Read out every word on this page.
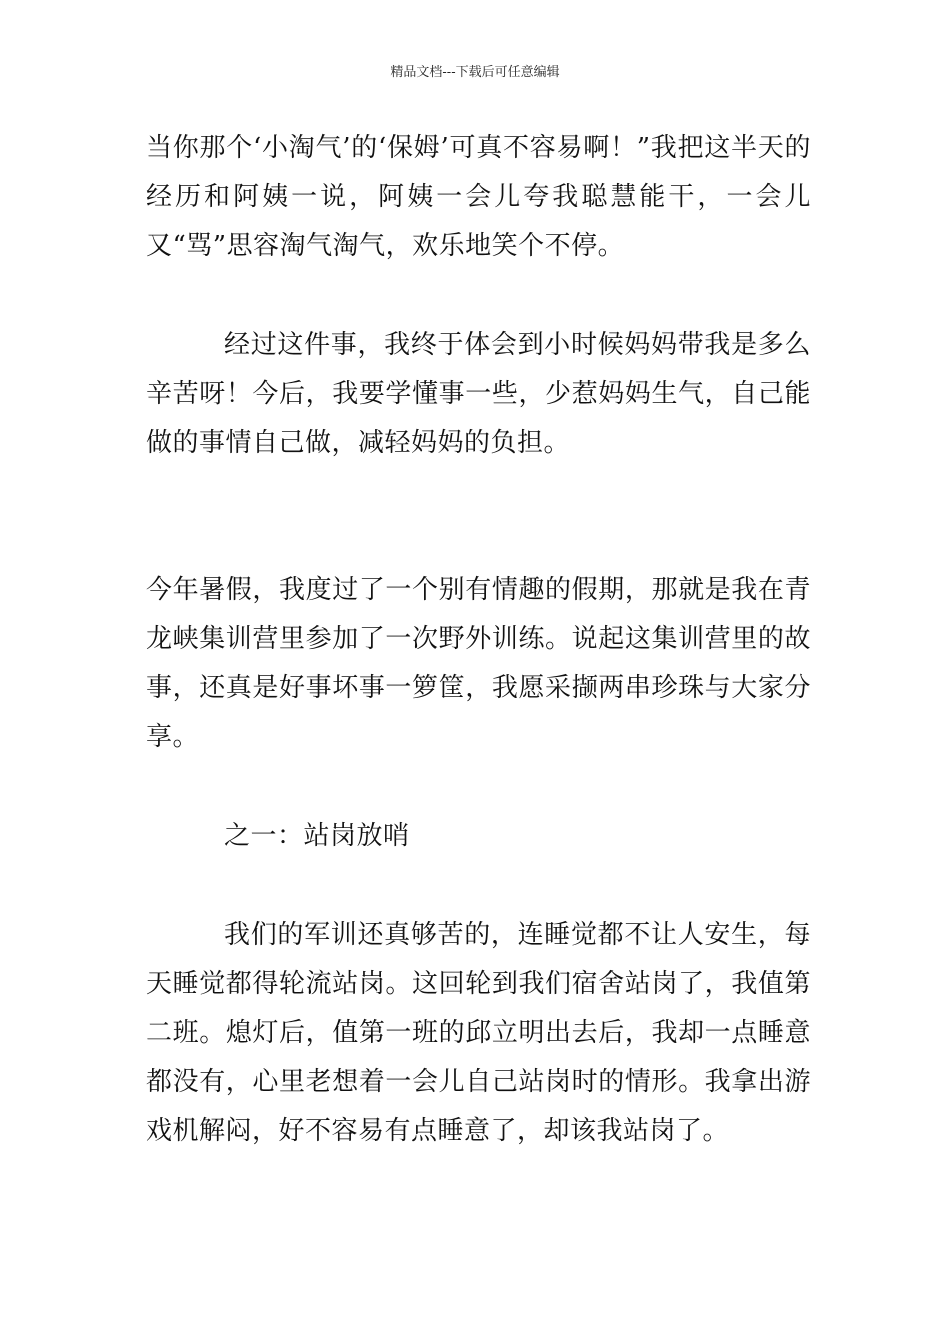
精品文档---下载后可任意编辑

当你那个‘小淘气’的‘保姆’可真不容易啊！”我把这半天的经历和阿姨一说，阿姨一会儿夸我聪慧能干，一会儿又“骂”思容淘气淘气，欢乐地笑个不停。

经过这件事，我终于体会到小时候妈妈带我是多么辛苦呀！今后，我要学懂事一些，少惹妈妈生气，自己能做的事情自己做，减轻妈妈的负担。

今年暑假，我度过了一个别有情趣的假期，那就是我在青龙峡集训营里参加了一次野外训练。说起这集训营里的故事，还真是好事坏事一箩筐，我愿采撷两串珍珠与大家分享。

之一：站岗放哨

我们的军训还真够苦的，连睡觉都不让人安生，每天睡觉都得轮流站岗。这回轮到我们宿舍站岗了，我值第二班。熄灯后，值第一班的邱立明出去后，我却一点睡意都没有，心里老想着一会儿自己站岗时的情形。我拿出游戏机解闷，好不容易有点睡意了，却该我站岗了。
